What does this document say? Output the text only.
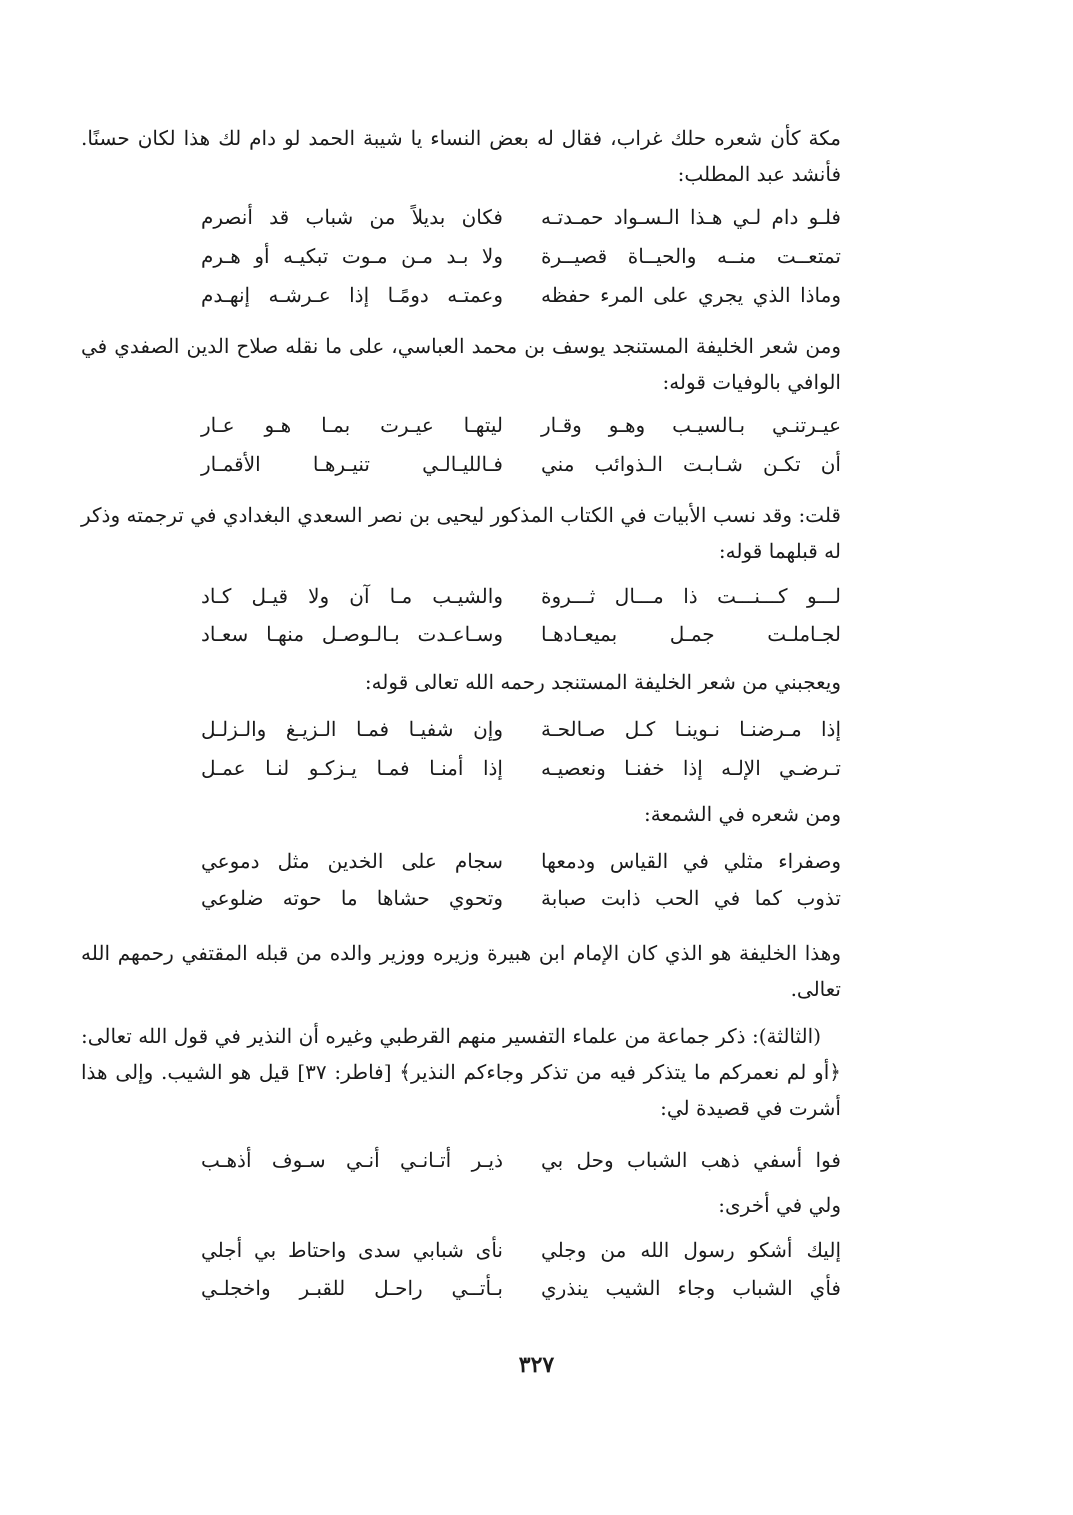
مكة كأن شعره حلك غراب، فقال له بعض النساء يا شيبة الحمد لو دام لك هذا لكان حسنًا. فأنشد عبد المطلب:

فلـو دام لـي هـذا الـسـواد حمـدتـه
فكان بديلاً من شباب قد أنصرم
تمتعــت منــه والحيــاة قصيــرة
ولا بـد مـن مـوت تبكيـه أو هـرم
وماذا الذي يجري على المرء حفظه
وعمتـه دومًـا إذا عـرشـه إنهـدم

ومن شعر الخليفة المستنجد يوسف بن محمد العباسي، على ما نقله صلاح الدين الصفدي في الوافي بالوفيات قوله:

عيـرتنـي بـالسيـب وهـو وقـار
ليتهـا عيـرت بمـا هـو عـار
أن تكـن شـابـت الـذوائب مني
فـالليـالـي تنيـرهـا الأقمـار

قلت: وقد نسب الأبيات في الكتاب المذكور ليحيى بن نصر السعدي البغدادي في ترجمته وذكر له قبلهما قوله:

لـــو كـــنـــت ذا مـــال ثـــروة
والشيـب مـا آن ولا قيـل كـاد
لجـاملـت جمـل بميعـادهـا
وسـاعـدت بـالـوصـل منهـا سعـاد
ويعجبني من شعر الخليفة المستنجد رحمه الله تعالى قوله:
إذا مـرضنـا نـوينـا كـل صـالحـة
وإن شفيـا فمـا الـزيـغ والـزلـل
تـرضـي الإلـه إذا خفنـا ونعصيـه
إذا أمنـا فمـا يـزكـو لنـا عمـل
ومن شعره في الشمعة:
وصفراء مثلي في القياس ودمعها
سجام على الخدين مثل دموعي
تذوب كما في الحب ذابت صبابة
وتحوي حشاها ما حوته ضلوعي

وهذا الخليفة هو الذي كان الإمام ابن هبيرة وزيره ووزير والده من قبله المقتفي رحمهم الله تعالى.

(الثالثة): ذكر جماعة من علماء التفسير منهم القرطبي وغيره أن النذير في قول الله تعالى: ﴿أو لم نعمركم ما يتذكر فيه من تذكر وجاءكم النذير﴾ [فاطر: ٣٧] قيل هو الشيب. وإلى هذا أشرت في قصيدة لي:

فوا أسفي ذهب الشباب وحل بي
ذيـر أتـانـي أنـي سـوف أذهـب
ولي في أخرى:
إليك أشكو رسول الله من وجلي
نأى شبابي سدى واحتاط بي أجلي
فأي الشباب وجاء الشيب ينذري
بـأتــي راحـل للقبـر واخجلـي
٣٢٧
